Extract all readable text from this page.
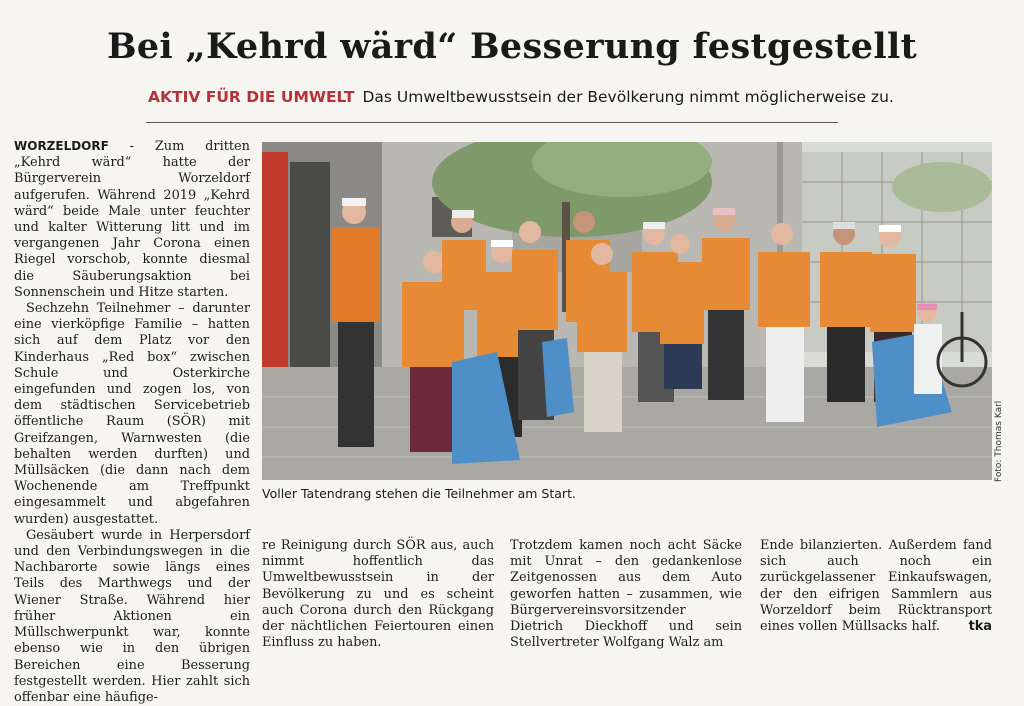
Bei „Kehrd wärd“ Besserung festgestellt
AKTIV FÜR DIE UMWELT Das Umweltbewusstsein der Bevölkerung nimmt möglicherweise zu.

WORZELDORF - Zum dritten „Kehrd wärd“ hatte der Bürgerverein Worzeldorf aufgerufen. Während 2019 „Kehrd wärd“ beide Male unter feuchter und kalter Witterung litt und im vergangenen Jahr Corona einen Riegel vorschob, konnte diesmal die Säuberungsaktion bei Sonnenschein und Hitze starten.

Sechzehn Teilnehmer – darunter eine vierköpfige Familie – hatten sich auf dem Platz vor den Kinderhaus „Red box“ zwischen Schule und Osterkirche eingefunden und zogen los, von dem städtischen Servicebetrieb öffentliche Raum (SÖR) mit Greifzangen, Warnwesten (die behalten werden durften) und Müllsäcken (die dann nach dem Wochenende am Treffpunkt eingesammelt und abgefahren wurden) ausgestattet.

Gesäubert wurde in Herpersdorf und den Verbindungswegen in die Nachbarorte sowie längs eines Teils des Marthwegs und der Wiener Straße. Während hier früher Aktionen ein Müllschwerpunkt war, konnte ebenso wie in den übrigen Bereichen eine Besserung festgestellt werden. Hier zahlt sich offenbar eine häufige-

Foto: Thomas Karl
Voller Tatendrang stehen die Teilnehmer am Start.

re Reinigung durch SÖR aus, auch nimmt hoffentlich das Umweltbewusstsein in der Bevölkerung zu und es scheint auch Corona durch den Rückgang der nächtlichen Feiertouren einen Einfluss zu haben.

Trotzdem kamen noch acht Säcke mit Unrat – den gedankenlose Zeitgenossen aus dem Auto geworfen hatten – zusammen, wie Bürgervereinsvorsitzender Dietrich Dieckhoff und sein Stellvertreter Wolfgang Walz am

Ende bilanzierten. Außerdem fand sich auch noch ein zurückgelassener Einkaufswagen, der den eifrigen Sammlern aus Worzeldorf beim Rücktransport eines vollen Müllsacks half. tka
